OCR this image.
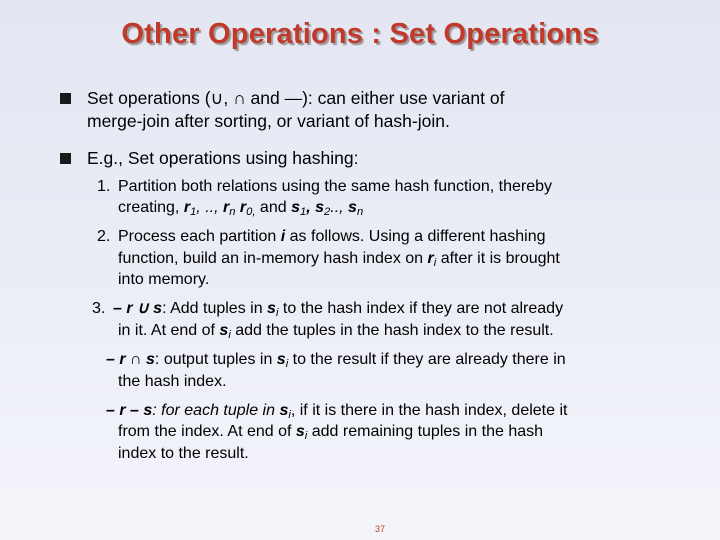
Other Operations : Set Operations
Set operations (∪, ∩ and —): can either use variant of
merge-join after sorting, or variant of hash-join.
E.g., Set operations using hashing:
1. Partition both relations using the same hash function, thereby
creating, $r_1$, .., $r_n$ $r_{0,}$ and $s_1$, $s_2$.., $s_n$
2. Process each partition i as follows. Using a different hashing
function, build an in-memory hash index on $r_i$ after it is brought
into memory.
3. – r ∪ s: Add tuples in $s_i$ to the hash index if they are not already
in it. At end of $s_i$ add the tuples in the hash index to the result.
– r ∩ s: output tuples in $s_i$ to the result if they are already there in
the hash index.
– r – s: for each tuple in $s_i$, if it is there in the hash index, delete it
from the index. At end of $s_i$ add remaining tuples in the hash
index to the result.
37
